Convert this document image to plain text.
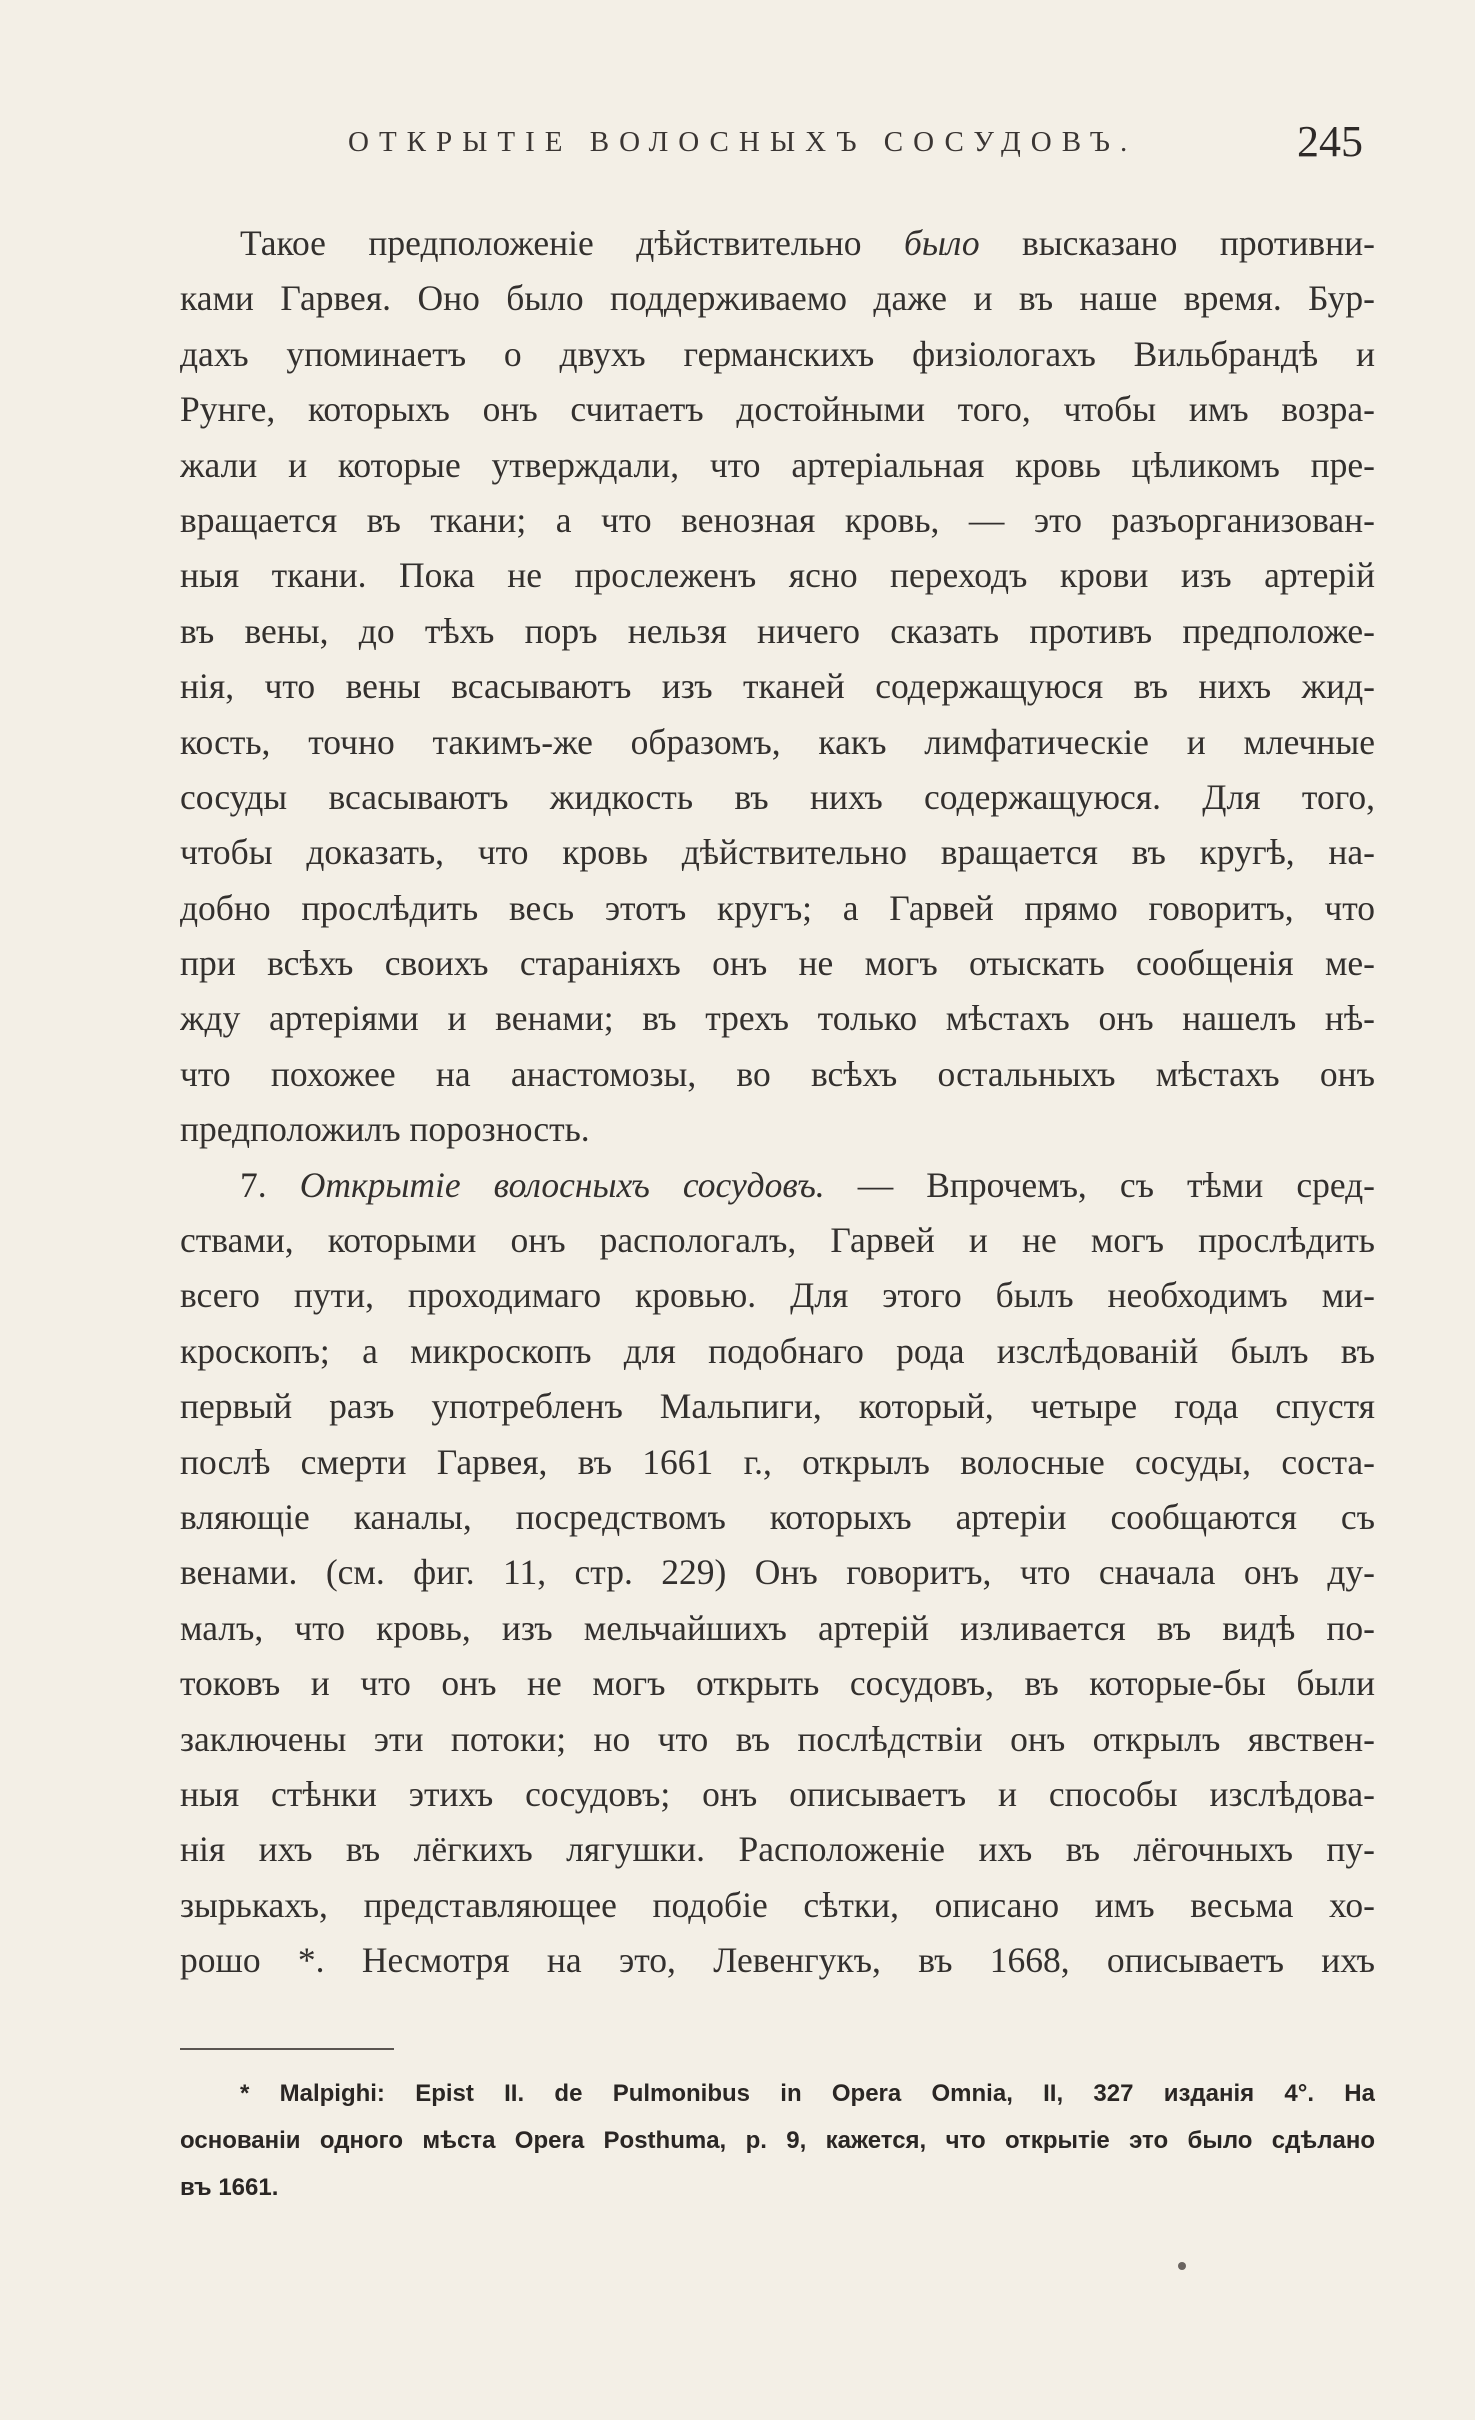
ОТКРЫТІЕ ВОЛОСНЫХЪ СОСУДОВЪ.	245
Такое предположеніе дѣйствительно было высказано противни-
ками Гарвея. Оно было поддерживаемо даже и въ наше время. Бур-
дахъ упоминаетъ о двухъ германскихъ физіологахъ Вильбрандѣ и
Рунге, которыхъ онъ считаетъ достойными того, чтобы имъ возра-
жали и которые утверждали, что артеріальная кровь цѣликомъ пре-
вращается въ ткани; а что венозная кровь, — это разъорганизован-
ныя ткани. Пока не прослеженъ ясно переходъ крови изъ артерій
въ вены, до тѣхъ поръ нельзя ничего сказать противъ предположе-
нія, что вены всасываютъ изъ тканей содержащуюся въ нихъ жид-
кость, точно такимъ-же образомъ, какъ лимфатическіе и млечные
сосуды всасываютъ жидкость въ нихъ содержащуюся. Для того,
чтобы доказать, что кровь дѣйствительно вращается въ кругѣ, на-
добно прослѣдить весь этотъ кругъ; а Гарвей прямо говоритъ, что
при всѣхъ своихъ стараніяхъ онъ не могъ отыскать сообщенія ме-
жду артеріями и венами; въ трехъ только мѣстахъ онъ нашелъ нѣ-
что похожее на анастомозы, во всѣхъ остальныхъ мѣстахъ онъ
предположилъ порозность.
7. Открытіе волосныхъ сосудовъ. — Впрочемъ, съ тѣми сред-
ствами, которыми онъ распологалъ, Гарвей и не могъ прослѣдить
всего пути, проходимаго кровью. Для этого былъ необходимъ ми-
кроскопъ; а микроскопъ для подобнаго рода изслѣдованій былъ въ
первый разъ употребленъ Мальпиги, который, четыре года спустя
послѣ смерти Гарвея, въ 1661 г., открылъ волосные сосуды, соста-
вляющіе каналы, посредствомъ которыхъ артеріи сообщаются съ
венами. (см. фиг. 11, стр. 229) Онъ говоритъ, что сначала онъ ду-
малъ, что кровь, изъ мельчайшихъ артерій изливается въ видѣ по-
токовъ и что онъ не могъ открыть сосудовъ, въ которые-бы были
заключены эти потоки; но что въ послѣдствіи онъ открылъ явствен-
ныя стѣнки этихъ сосудовъ; онъ описываетъ и способы изслѣдова-
нія ихъ въ лёгкихъ лягушки. Расположеніе ихъ въ лёгочныхъ пу-
зырькахъ, представляющее подобіе сѣтки, описано имъ весьма хо-
рошо *. Несмотря на это, Левенгукъ, въ 1668, описываетъ ихъ
* Malpighi: Epist II. de Pulmonibus in Opera Omnia, II, 327 изданія 4°. На
основаніи одного мѣста Opera Posthuma, p. 9, кажется, что открытіе это было сдѣлано
въ 1661.
